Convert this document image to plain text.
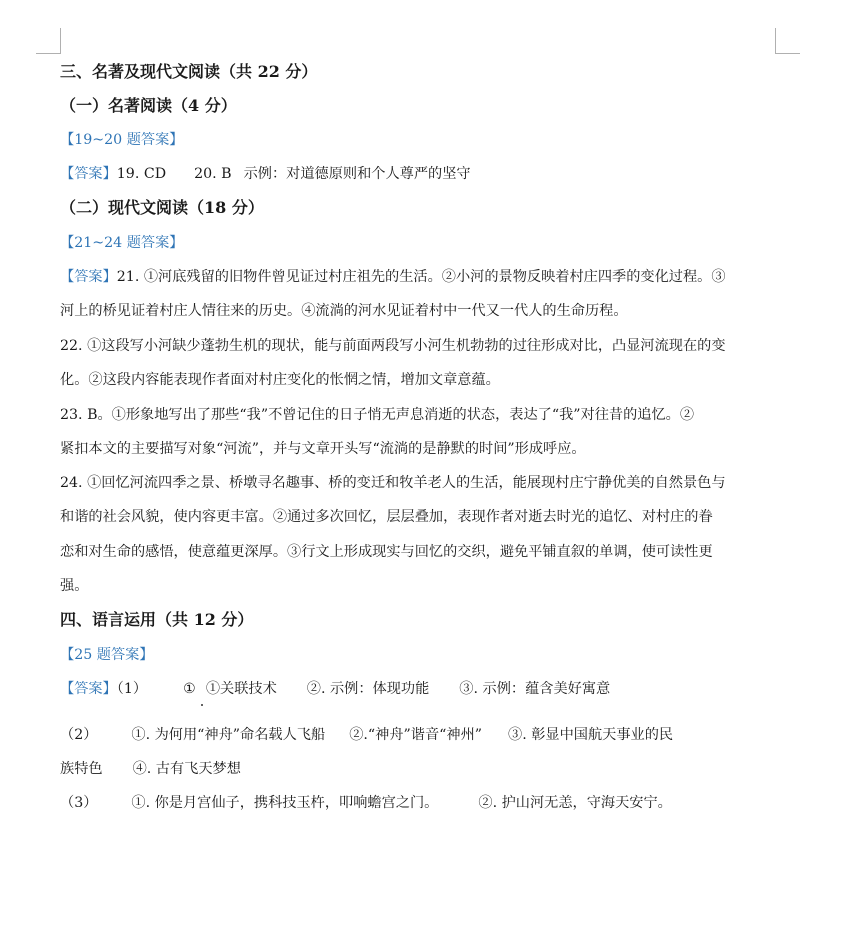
三、名著及现代文阅读（共 22 分）
（一）名著阅读（4 分）
【19~20 题答案】
【答案】19. CD 20. B 示例：对道德原则和个人尊严的坚守
（二）现代文阅读（18 分）
【21~24 题答案】
【答案】21. ①河底残留的旧物件曾见证过村庄祖先的生活。②小河的景物反映着村庄四季的变化过程。③
河上的桥见证着村庄人情往来的历史。④流淌的河水见证着村中一代又一代人的生命历程。
22. ①这段写小河缺少蓬勃生机的现状，能与前面两段写小河生机勃勃的过往形成对比，凸显河流现在的变
化。②这段内容能表现作者面对村庄变化的怅惘之情，增加文章意蕴。
23. B。①形象地写出了那些“我”不曾记住的日子悄无声息消逝的状态，表达了“我”对往昔的追忆。②
紧扣本文的主要描写对象“河流”，并与文章开头写“流淌的是静默的时间”形成呼应。
24. ①回忆河流四季之景、桥墩寻名趣事、桥的变迁和牧羊老人的生活，能展现村庄宁静优美的自然景色与
和谐的社会风貌，使内容更丰富。②通过多次回忆，层层叠加，表现作者对逝去时光的追忆、对村庄的眷
恋和对生命的感悟，使意蕴更深厚。③行文上形成现实与回忆的交织，避免平铺直叙的单调，使可读性更
强。
四、语言运用（共 12 分）
【25 题答案】
【答案】（1）	① ①关联技术 ②. 示例：体现功能 ③. 示例：蕴含美好寓意
（2） ①. 为何用“神舟”命名载人飞船 ②.“神舟”谐音“神州” ③. 彰显中国航天事业的民
族特色 ④. 古有飞天梦想
（3） ①. 你是月宫仙子，携科技玉杵，叩响蟾宫之门。	②. 护山河无恙，守海天安宁。
